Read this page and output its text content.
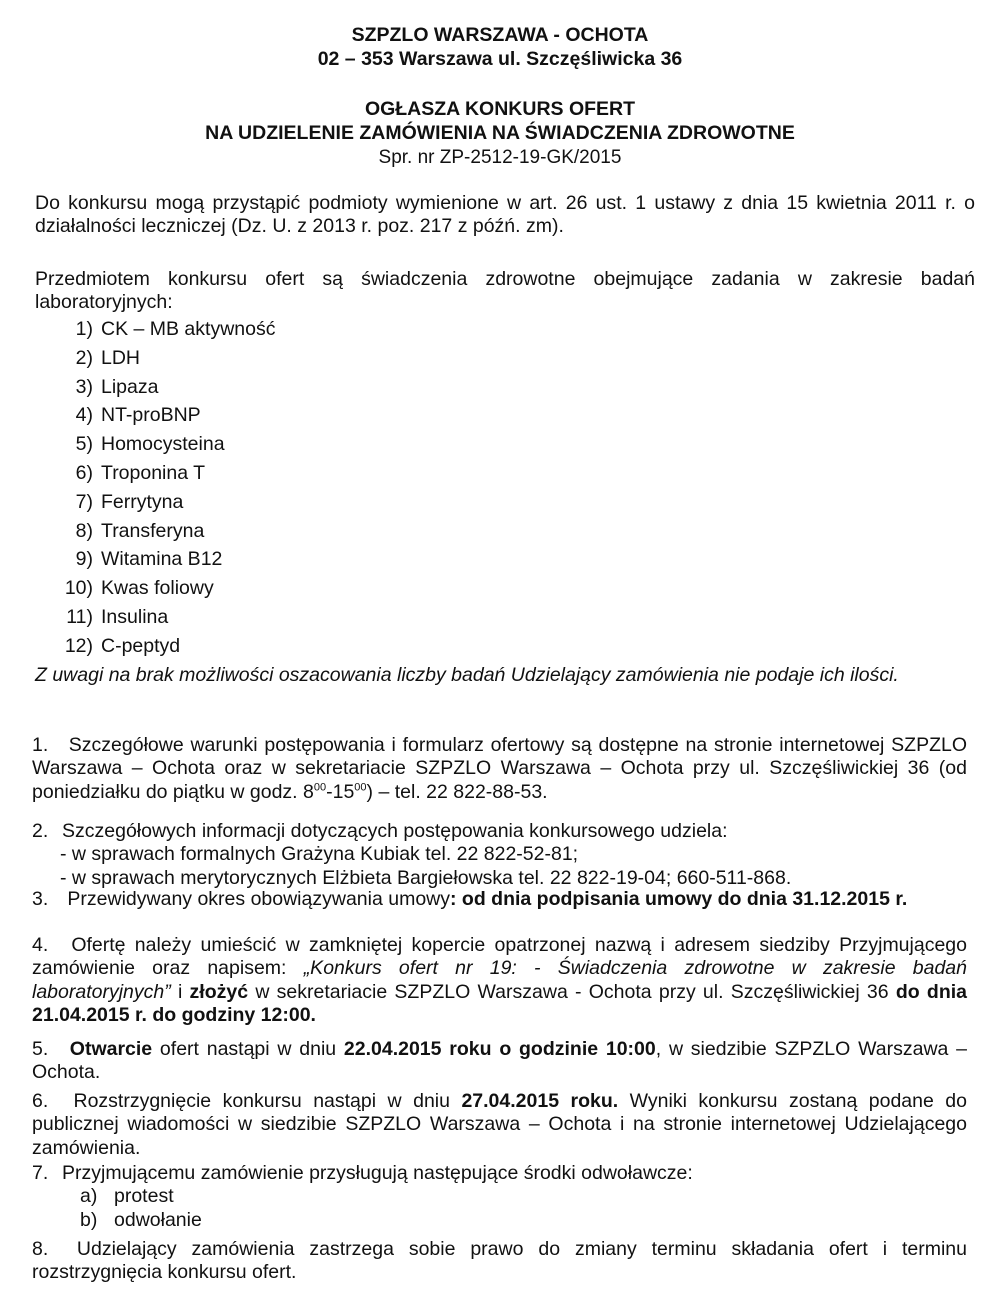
SZPZLO WARSZAWA - OCHOTA
02 – 353 Warszawa ul. Szczęśliwicka 36
OGŁASZA KONKURS OFERT
NA UDZIELENIE ZAMÓWIENIA NA ŚWIADCZENIA ZDROWOTNE
Spr. nr ZP-2512-19-GK/2015
Do konkursu mogą przystąpić podmioty wymienione w art. 26 ust. 1 ustawy z dnia 15 kwietnia 2011 r. o działalności leczniczej (Dz. U. z 2013 r. poz. 217 z późń. zm).
Przedmiotem konkursu ofert są świadczenia zdrowotne obejmujące zadania w zakresie badań laboratoryjnych:
1) CK – MB aktywność
2) LDH
3) Lipaza
4) NT-proBNP
5) Homocysteina
6) Troponina T
7) Ferrytyna
8) Transferyna
9) Witamina B12
10) Kwas foliowy
11) Insulina
12) C-peptyd
Z uwagi na brak możliwości oszacowania liczby badań Udzielający zamówienia nie podaje ich ilości.
1. Szczegółowe warunki postępowania i formularz ofertowy są dostępne na stronie internetowej SZPZLO Warszawa – Ochota oraz w sekretariacie SZPZLO Warszawa – Ochota przy ul. Szczęśliwickiej 36 (od poniedziałku do piątku w godz. $8^{00}-15^{00}$) – tel. 22 822-88-53.
2. Szczegółowych informacji dotyczących postępowania konkursowego udziela:
- w sprawach formalnych Grażyna Kubiak tel. 22 822-52-81;
- w sprawach merytorycznych Elżbieta Bargiełowska tel. 22 822-19-04; 660-511-868.
3. Przewidywany okres obowiązywania umowy: od dnia podpisania umowy do dnia 31.12.2015 r.
4. Ofertę należy umieścić w zamkniętej kopercie opatrzonej nazwą i adresem siedziby Przyjmującego zamówienie oraz napisem: „Konkurs ofert nr 19: - Świadczenia zdrowotne w zakresie badań laboratoryjnych” i złożyć w sekretariacie SZPZLO Warszawa - Ochota przy ul. Szczęśliwickiej 36 do dnia 21.04.2015 r. do godziny 12:00.
5. Otwarcie ofert nastąpi w dniu 22.04.2015 roku o godzinie 10:00, w siedzibie SZPZLO Warszawa – Ochota.
6. Rozstrzygnięcie konkursu nastąpi w dniu 27.04.2015 roku. Wyniki konkursu zostaną podane do publicznej wiadomości w siedzibie SZPZLO Warszawa – Ochota i na stronie internetowej Udzielającego zamówienia.
7. Przyjmującemu zamówienie przysługują następujące środki odwoławcze:
a) protest
b) odwołanie
8. Udzielający zamówienia zastrzega sobie prawo do zmiany terminu składania ofert i terminu rozstrzygnięcia konkursu ofert.
